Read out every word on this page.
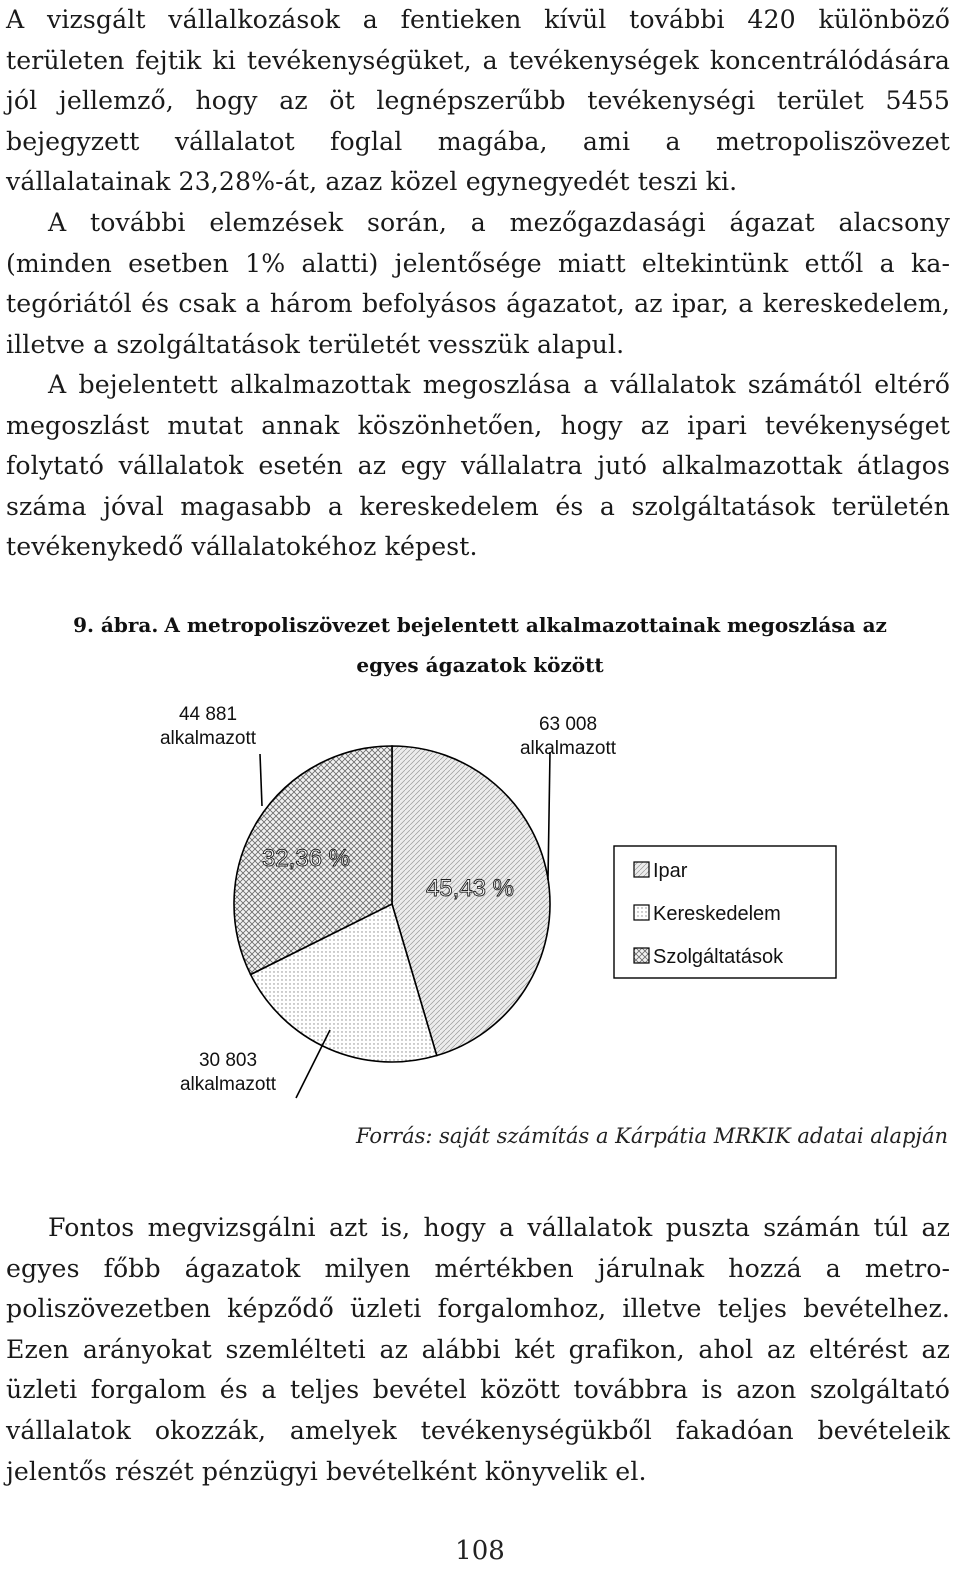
A vizsgált vállalkozások a fentieken kívül további 420 különböző területen fejtik ki tevékenységüket, a tevékenységek koncentrálódására jól jellemző, hogy az öt legnépszerűbb tevékenységi terület 5455 bejegyzett vállalatot foglal magába, ami a metropoliszövezet vállalatainak 23,28%-át, azaz közel egynegyedét teszi ki.

A további elemzések során, a mezőgazdasági ágazat alacsony (minden esetben 1% alatti) jelentősége miatt eltekintünk ettől a kategóriától és csak a három befolyásos ágazatot, az ipar, a kereskedelem, illetve a szolgáltatások területét vesszük alapul.

A bejelentett alkalmazottak megoszlása a vállalatok számától eltérő megoszlást mutat annak köszönhetően, hogy az ipari tevékenységet folytató vállalatok esetén az egy vállalatra jutó alkalmazottak átlagos száma jóval magasabb a kereskedelem és a szolgáltatások területén tevékenykedő vállalatokéhoz képest.

9. ábra. A metropoliszövezet bejelentett alkalmazottainak megoszlása az
egyes ágazatok között
45,43 %
32,36 %
63 008
alkalmazott
30 803
alkalmazott
44 881
alkalmazott
Ipar
Kereskedelem
Szolgáltatások
Forrás: saját számítás a Kárpátia MRKIK adatai alapján

Fontos megvizsgálni azt is, hogy a vállalatok puszta számán túl az egyes főbb ágazatok milyen mértékben járulnak hozzá a metropoliszövezetben képződő üzleti forgalomhoz, illetve teljes bevételhez. Ezen arányokat szemlélteti az alábbi két grafikon, ahol az eltérést az üzleti forgalom és a teljes bevétel között továbbra is azon szolgáltató vállalatok okozzák, amelyek tevékenységükből fakadóan bevételeik jelentős részét pénzügyi bevételként könyvelik el.

108
